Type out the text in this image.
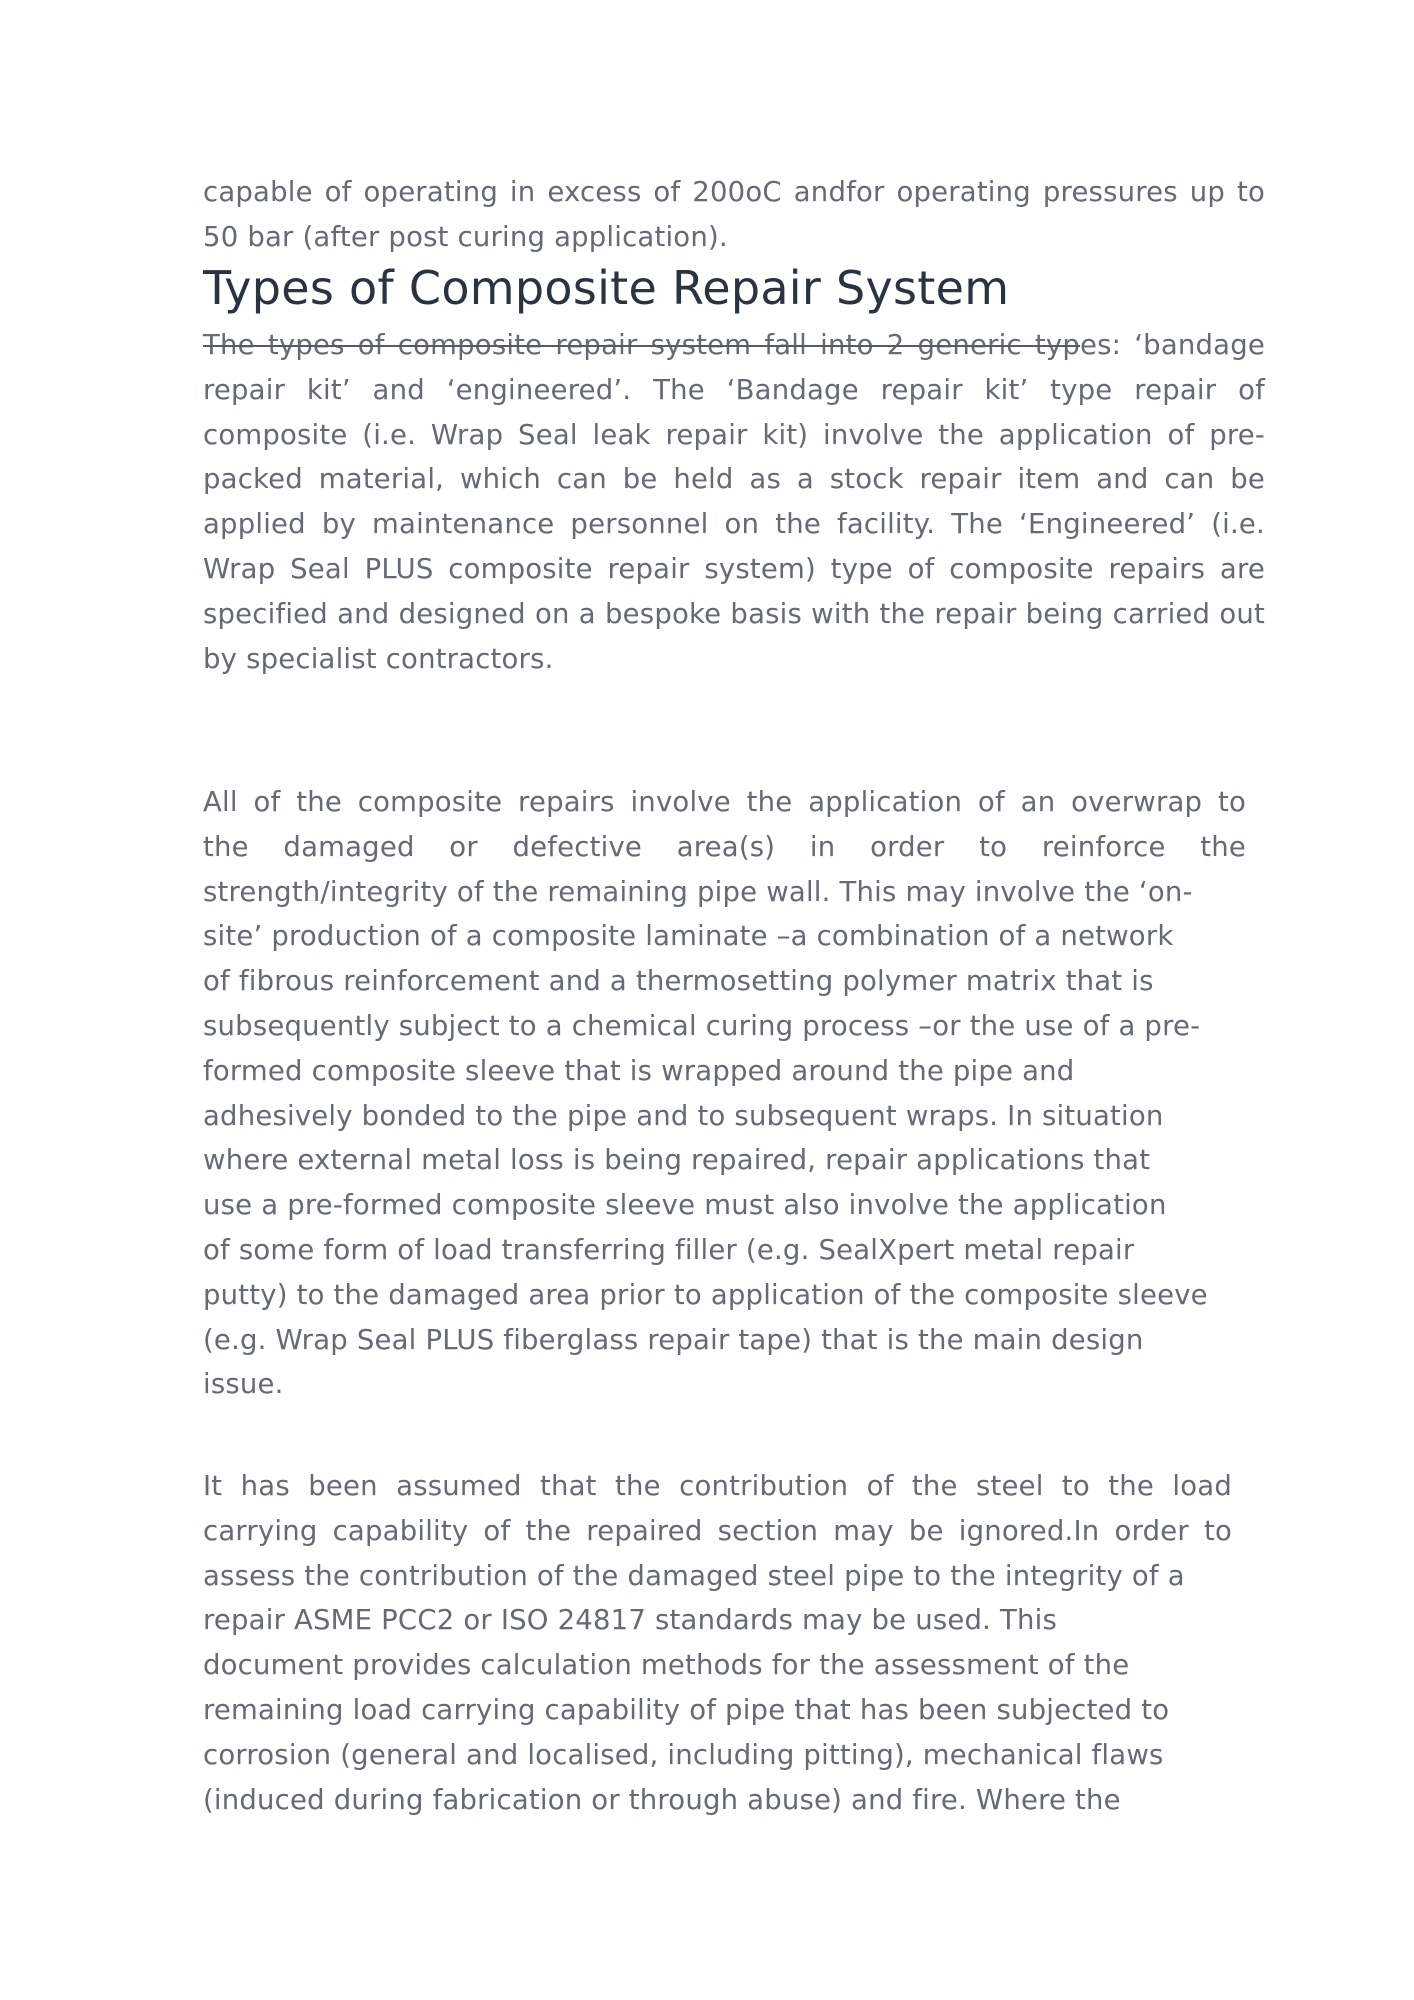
capable of operating in excess of 200oC andfor operating pressures up to
50 bar (after post curing application).

Types of Composite Repair System

The types of composite repair system fall into 2 generic types: ‘bandage repair kit’ and ‘engineered’. The ‘Bandage repair kit’ type repair of composite (i.e. Wrap Seal leak repair kit) involve the application of pre-packed material, which can be held as a stock repair item and can be applied by maintenance personnel on the facility. The ‘Engineered’ (i.e. Wrap Seal PLUS composite repair system) type of composite repairs are specified and designed on a bespoke basis with the repair being carried out by specialist contractors.

All of the composite repairs involve the application of an overwrap to
the damaged or defective area(s) in order to reinforce the
strength/integrity of the remaining pipe wall. This may involve the ‘on-
site’ production of a composite laminate –a combination of a network
of fibrous reinforcement and a thermosetting polymer matrix that is
subsequently subject to a chemical curing process –or the use of a pre-
formed composite sleeve that is wrapped around the pipe and
adhesively bonded to the pipe and to subsequent wraps. In situation
where external metal loss is being repaired, repair applications that
use a pre-formed composite sleeve must also involve the application
of some form of load transferring filler (e.g. SealXpert metal repair
putty) to the damaged area prior to application of the composite sleeve
(e.g. Wrap Seal PLUS fiberglass repair tape) that is the main design
issue.

It has been assumed that the contribution of the steel to the load
carrying capability of the repaired section may be ignored.In order to
assess the contribution of the damaged steel pipe to the integrity of a
repair ASME PCC2 or ISO 24817 standards may be used. This
document provides calculation methods for the assessment of the
remaining load carrying capability of pipe that has been subjected to
corrosion (general and localised, including pitting), mechanical flaws
(induced during fabrication or through abuse) and fire. Where the
